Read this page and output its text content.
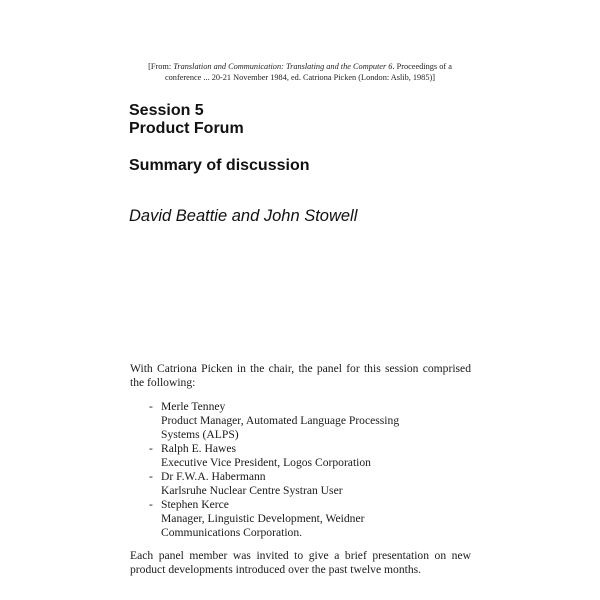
[From: Translation and Communication: Translating and the Computer 6. Proceedings of a conference ... 20-21 November 1984, ed. Catriona Picken (London: Aslib, 1985)]
Session 5
Product Forum
Summary of discussion
David Beattie and John Stowell
With Catriona Picken in the chair, the panel for this session comprised the following:
- Merle Tenney
Product Manager, Automated Language Processing
Systems (ALPS)
- Ralph E. Hawes
Executive Vice President, Logos Corporation
- Dr F.W.A. Habermann
Karlsruhe Nuclear Centre Systran User
- Stephen Kerce
Manager, Linguistic Development, Weidner
Communications Corporation.
Each panel member was invited to give a brief presentation on new product developments introduced over the past twelve months.
